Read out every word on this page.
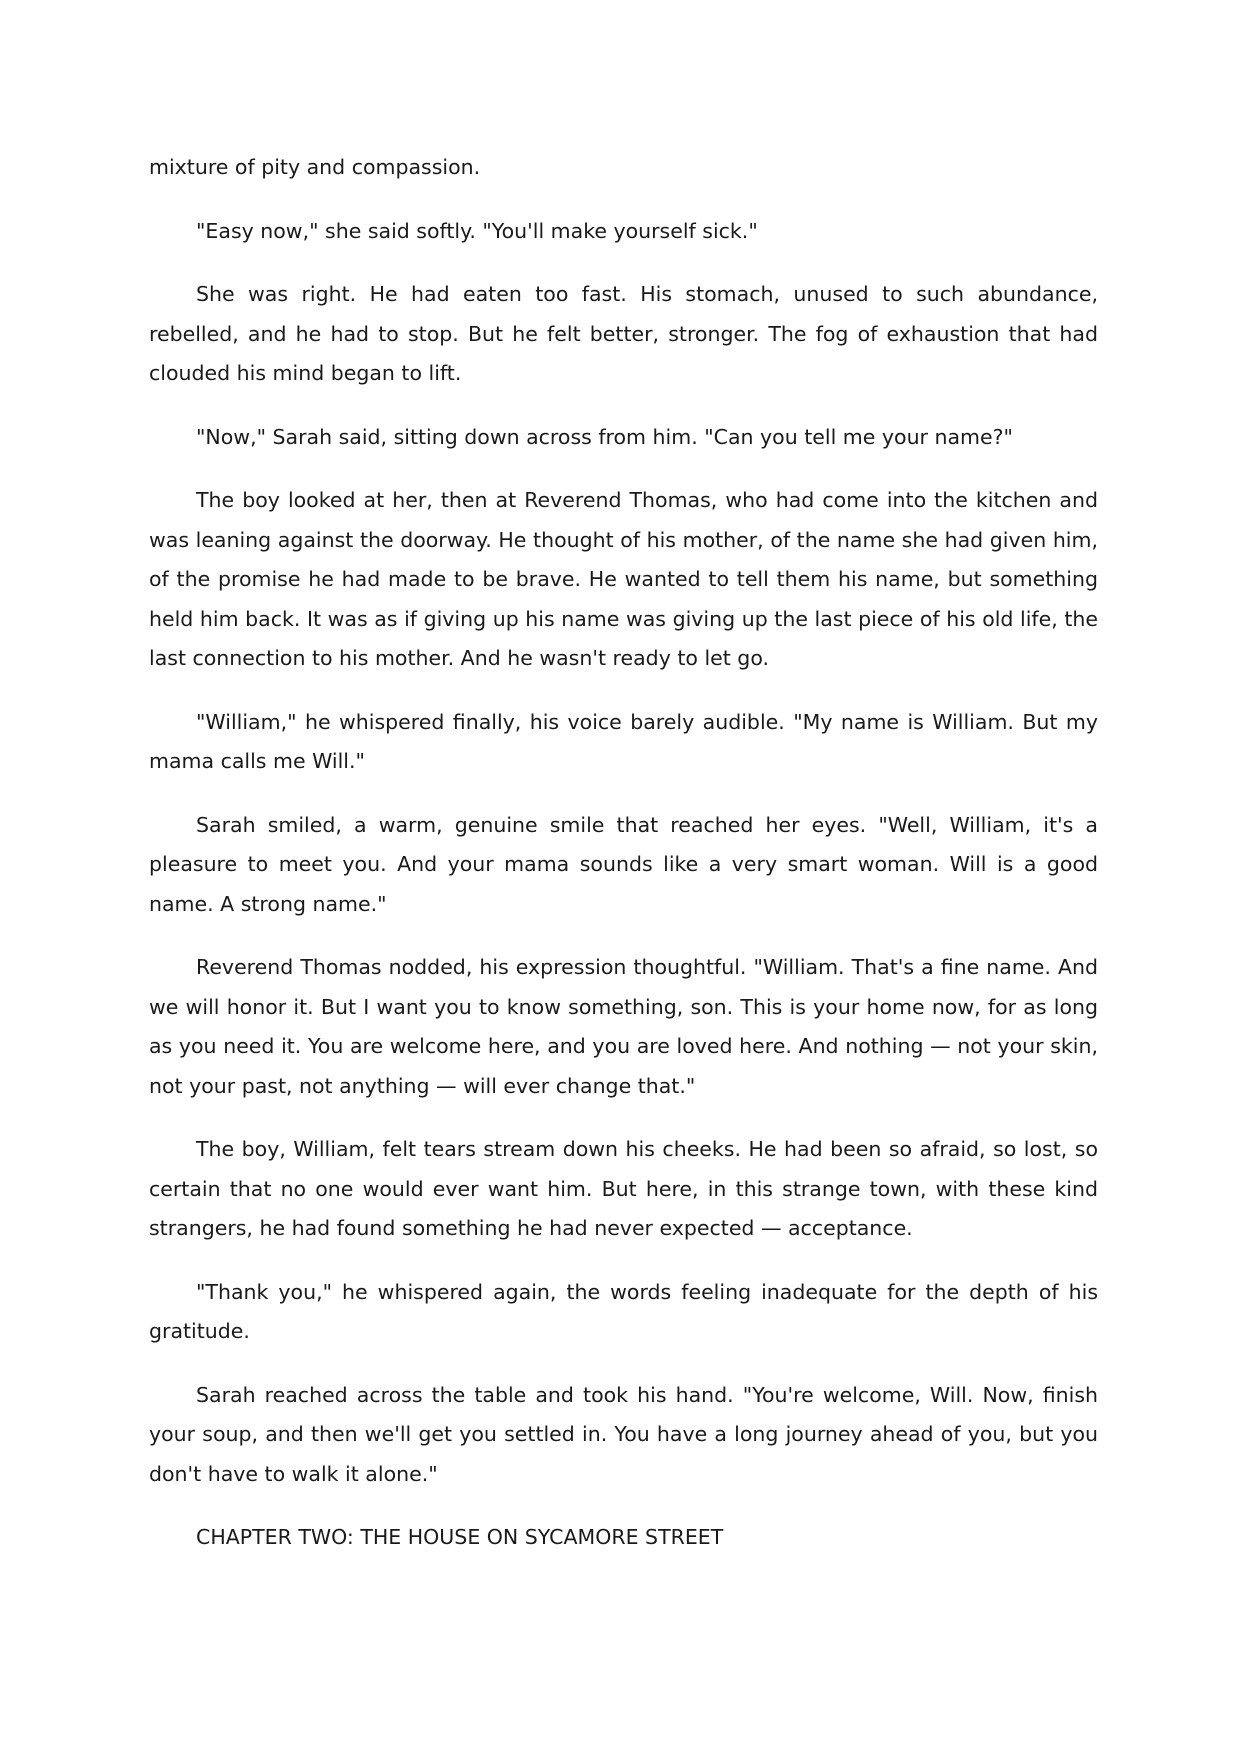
mixture of pity and compassion.

"Easy now," she said softly. "You'll make yourself sick."

She was right. He had eaten too fast. His stomach, unused to such abundance, rebelled, and he had to stop. But he felt better, stronger. The fog of exhaustion that had clouded his mind began to lift.

"Now," Sarah said, sitting down across from him. "Can you tell me your name?"

The boy looked at her, then at Reverend Thomas, who had come into the kitchen and was leaning against the doorway. He thought of his mother, of the name she had given him, of the promise he had made to be brave. He wanted to tell them his name, but something held him back. It was as if giving up his name was giving up the last piece of his old life, the last connection to his mother. And he wasn't ready to let go.

"William," he whispered finally, his voice barely audible. "My name is William. But my mama calls me Will."

Sarah smiled, a warm, genuine smile that reached her eyes. "Well, William, it's a pleasure to meet you. And your mama sounds like a very smart woman. Will is a good name. A strong name."

Reverend Thomas nodded, his expression thoughtful. "William. That's a fine name. And we will honor it. But I want you to know something, son. This is your home now, for as long as you need it. You are welcome here, and you are loved here. And nothing — not your skin, not your past, not anything — will ever change that."

The boy, William, felt tears stream down his cheeks. He had been so afraid, so lost, so certain that no one would ever want him. But here, in this strange town, with these kind strangers, he had found something he had never expected — acceptance.

"Thank you," he whispered again, the words feeling inadequate for the depth of his gratitude.

Sarah reached across the table and took his hand. "You're welcome, Will. Now, finish your soup, and then we'll get you settled in. You have a long journey ahead of you, but you don't have to walk it alone."

CHAPTER TWO: THE HOUSE ON SYCAMORE STREET
